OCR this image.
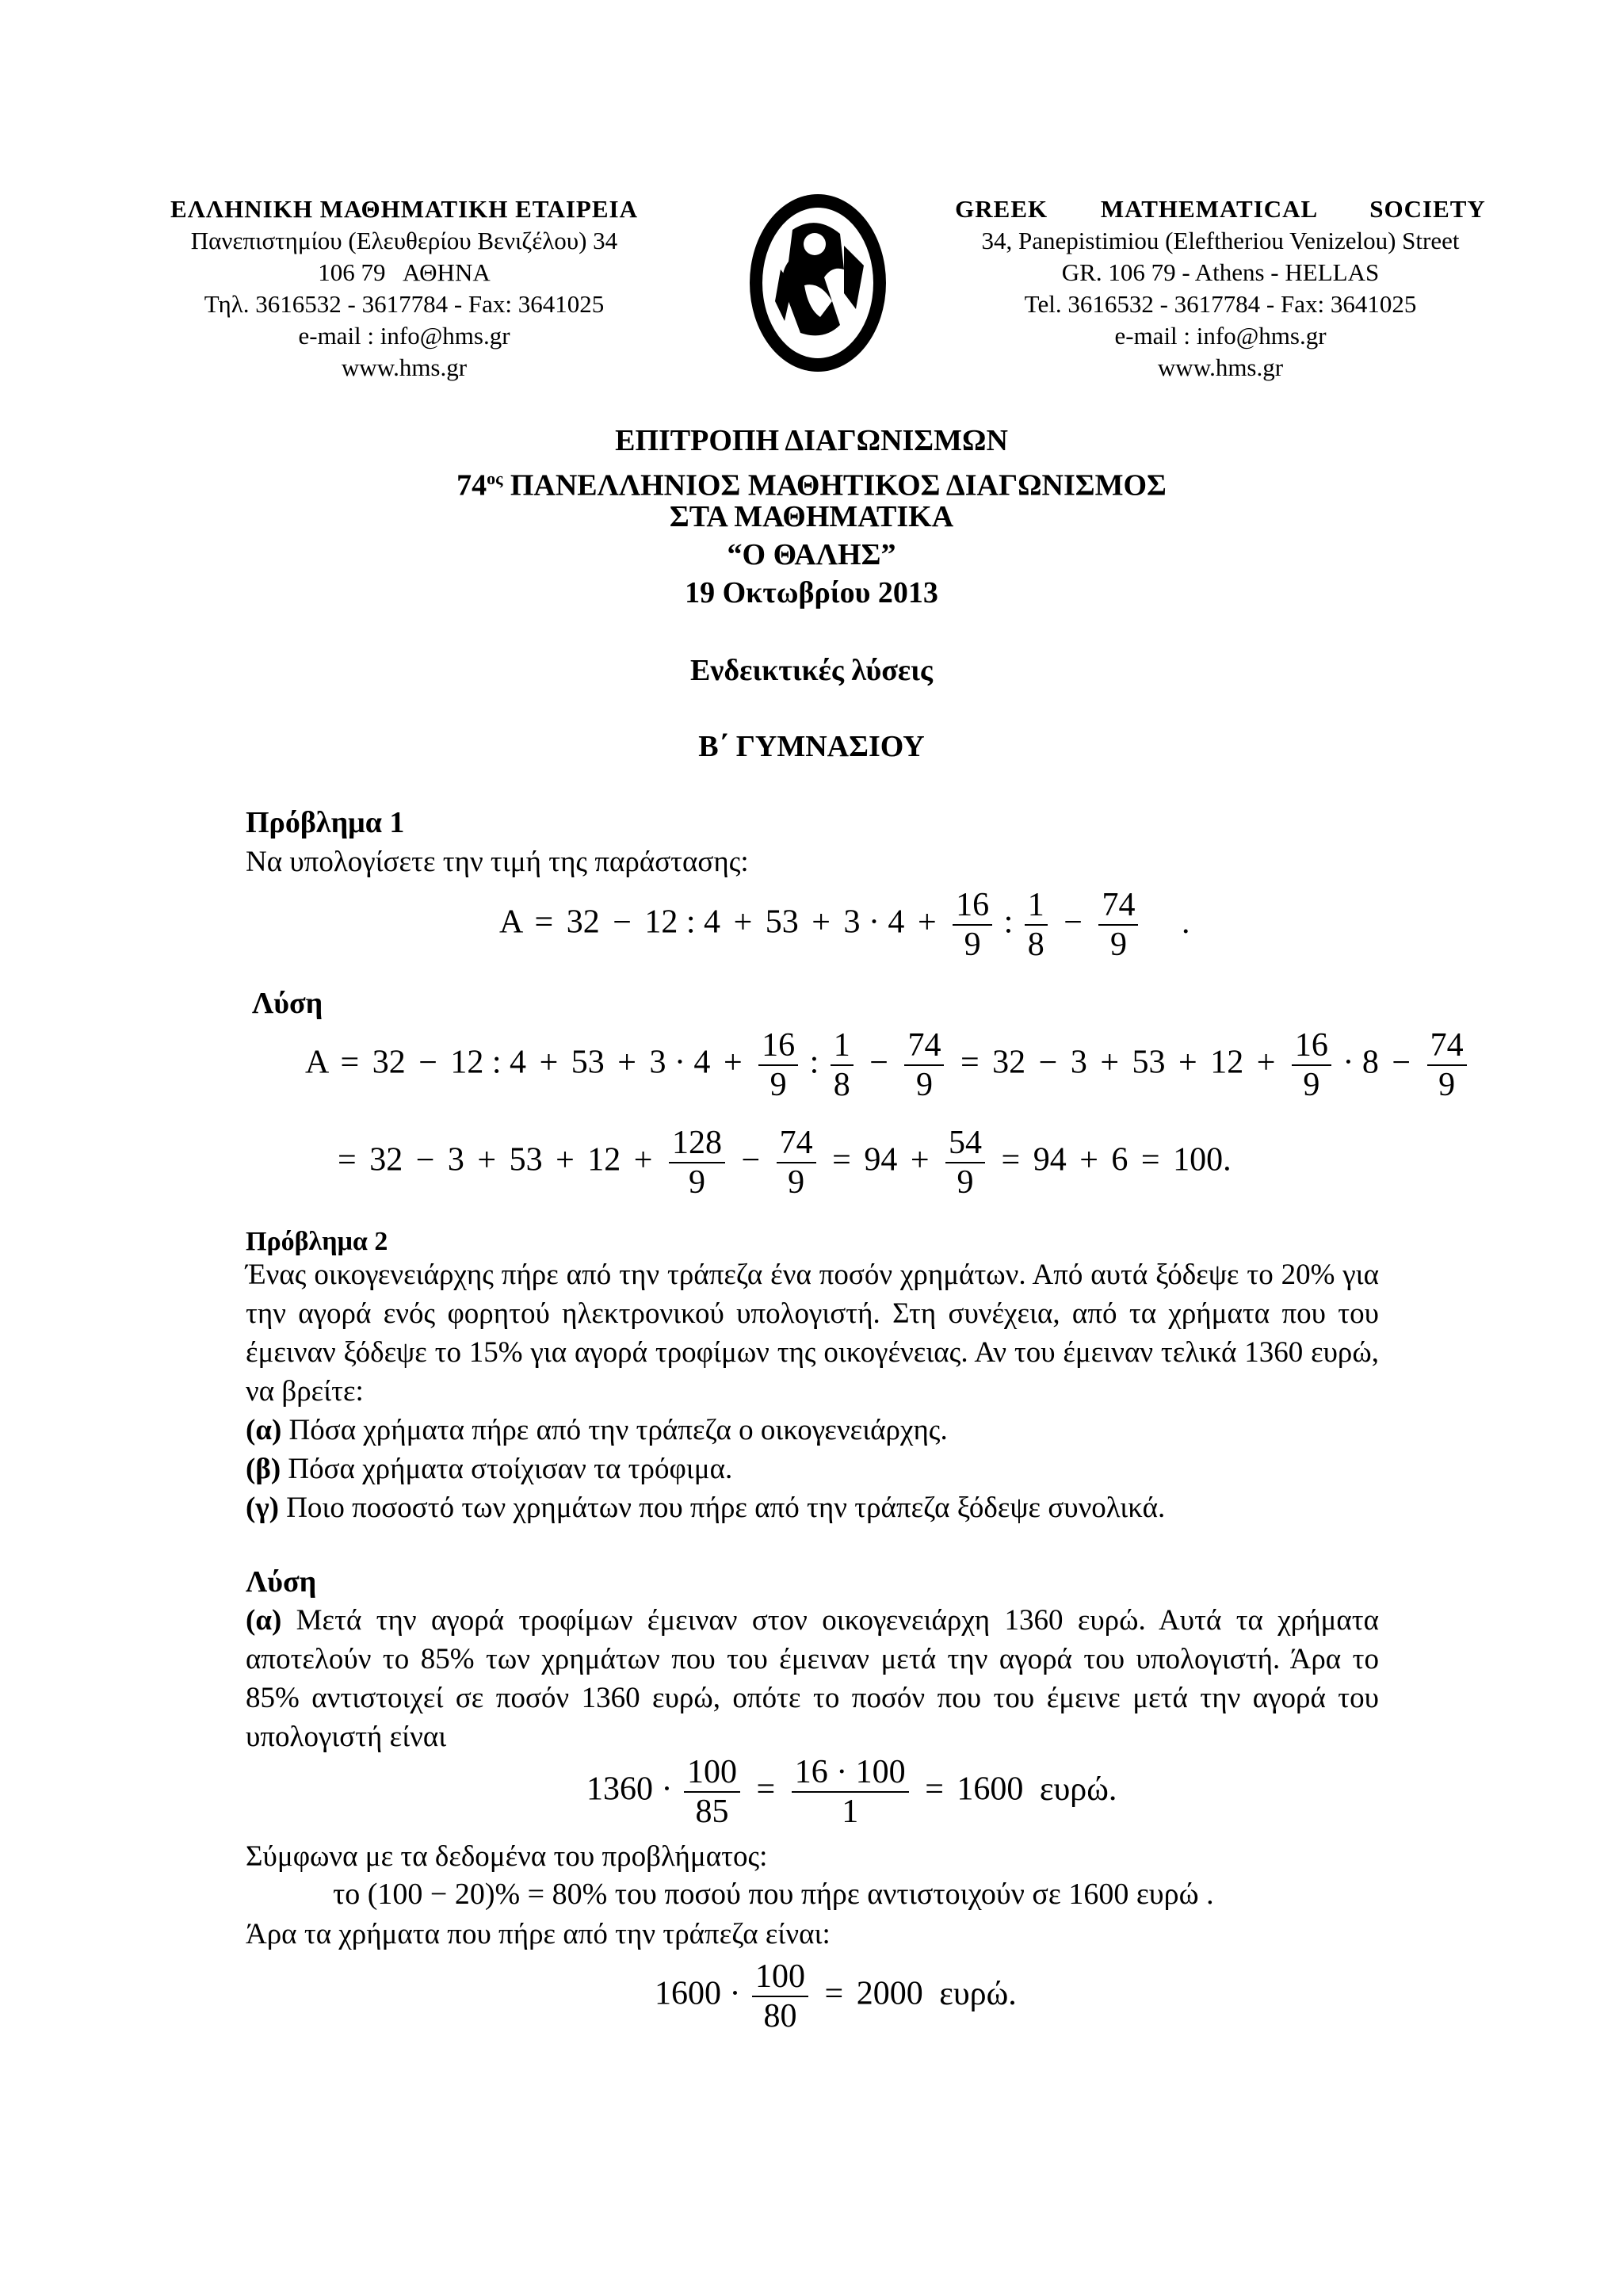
ΕΛΛΗΝΙΚΗ ΜΑΘΗΜΑΤΙΚΗ ΕΤΑΙΡΕΙΑ
Πανεπιστημίου (Ελευθερίου Βενιζέλου) 34
106 79   ΑΘΗΝΑ
Τηλ. 3616532 - 3617784 - Fax: 3641025
e-mail : info@hms.gr
www.hms.gr
GREEK MATHEMATICAL SOCIETY
34, Panepistimiou (Eleftheriou Venizelou) Street
GR. 106 79 - Athens - HELLAS
Tel. 3616532 - 3617784 - Fax: 3641025
e-mail : info@hms.gr
www.hms.gr
ΕΠΙΤΡΟΠΗ ΔΙΑΓΩΝΙΣΜΩΝ
$74^{o\varsigma}$ ΠΑΝΕΛΛΗΝΙΟΣ ΜΑΘΗΤΙΚΟΣ ΔΙΑΓΩΝΙΣΜΟΣ
ΣΤΑ ΜΑΘΗΜΑΤΙΚΑ
“Ο ΘΑΛΗΣ”
19 Οκτωβρίου 2013
Ενδεικτικές λύσεις
Β΄ ΓΥΜΝΑΣΙΟΥ
Πρόβλημα 1
Να υπολογίσετε την τιμή της παράστασης:
A = 32 − 12 : $4 + 53 + 3 \cdot 4 + \frac{16}{9}$ : $\frac{1}{8} - \frac{74}{9}$ .
Λύση
A = 32 − 12 : $4 + 53 + 3 \cdot 4 + \frac{16}{9}$ : $\frac{1}{8} - \frac{74}{9} = 32 - 3 + 53 + 12 + \frac{16}{9} \cdot 8 - \frac{74}{9}$
= $32 - 3 + 53 + 12 + \frac{128}{9} - \frac{74}{9} = 94 + \frac{54}{9} = 94 + 6 = 100$.
Πρόβλημα 2
Ένας οικογενειάρχης πήρε από την τράπεζα ένα ποσόν χρημάτων. Από αυτά ξόδεψε το 20% για την αγορά ενός φορητού ηλεκτρονικού υπολογιστή. Στη συνέχεια, από τα χρήματα που του έμειναν ξόδεψε το 15% για αγορά τροφίμων της οικογένειας. Αν του έμειναν τελικά 1360 ευρώ, να βρείτε:
(α) Πόσα χρήματα πήρε από την τράπεζα ο οικογενειάρχης.
(β) Πόσα χρήματα στοίχισαν τα τρόφιμα.
(γ) Ποιο ποσοστό των χρημάτων που πήρε από την τράπεζα ξόδεψε συνολικά.
Λύση
(α) Μετά την αγορά τροφίμων έμειναν στον οικογενειάρχη 1360 ευρώ. Αυτά τα χρήματα αποτελούν το 85% των χρημάτων που του έμειναν μετά την αγορά του υπολογιστή. Άρα το 85% αντιστοιχεί σε ποσόν 1360 ευρώ, οπότε το ποσόν που του έμεινε μετά την αγορά του υπολογιστή είναι
$1360 \cdot \frac{100}{85} = \frac{16 \cdot 100}{1} = 1600$ ευρώ.
Σύμφωνα με τα δεδομένα του προβλήματος:
το (100 − 20)% = 80% του ποσού που πήρε αντιστοιχούν σε 1600 ευρώ .
Άρα τα χρήματα που πήρε από την τράπεζα είναι:
$1600 \cdot \frac{100}{80} = 2000$ ευρώ.
